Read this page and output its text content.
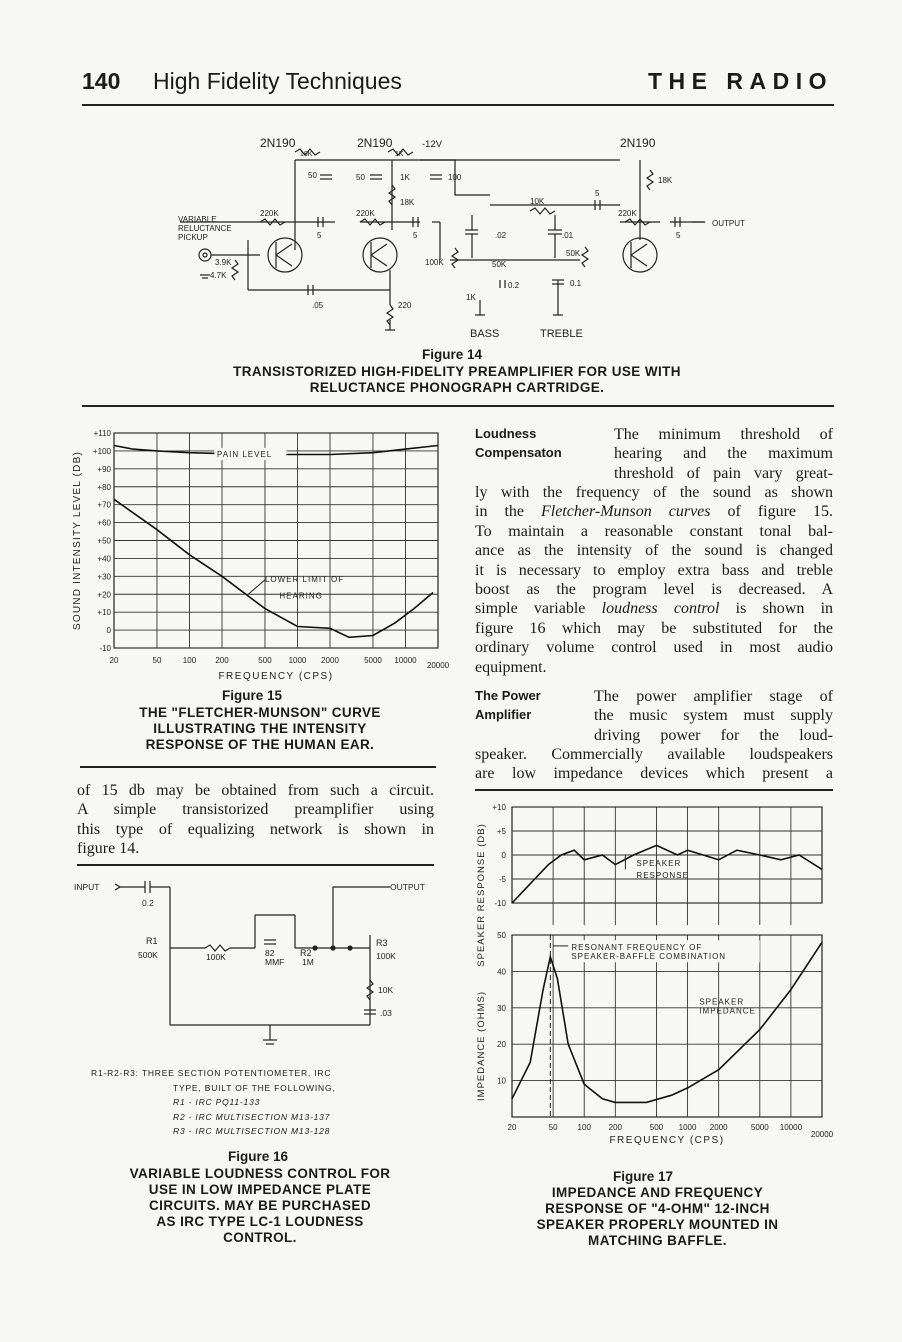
140 High Fidelity Techniques	THE RADIO
2N190	2N190	2N190
-12V
18K	1K
50	50	1K	100
18K
18K
VARIABLE
RELUCTANCE
PICKUP
220K	220K	220K
5	5
5
5
10K
.02	.01
50K
50K
0.2	0.1
100K
3.9K
4.7K
.05	220
1K
OUTPUT
BASS	TREBLE
Figure 14
TRANSISTORIZED HIGH-FIDELITY PREAMPLIFIER FOR USE WITH
RELUCTANCE PHONOGRAPH CARTRIDGE.
+110
+100
+90
+80
+70
+60
+50
+40
+30
+20
+10
0
-10
20	50	100 200	500 1000 2000	5000 10000
20000
FREQUENCY (CPS)
SOUND INTENSITY LEVEL (DB)	PAIN LEVEL
LOWER LIMIT OF
HEARING
Figure 15
THE "FLETCHER-MUNSON" CURVE
ILLUSTRATING THE INTENSITY
RESPONSE OF THE HUMAN EAR.
of 15 db may be obtained from such a circuit.
A simple transistorized preamplifier using
this type of equalizing network is shown in
figure 14.
INPUT	OUTPUT
0.2
R1
500K	100K	82
MMF
R2
1M
R3
100K
10K
.03
R1-R2-R3: THREE SECTION POTENTIOMETER, IRC
TYPE, BUILT OF THE FOLLOWING,
R1 - IRC PQ11-133
R2 - IRC MULTISECTION M13-137
R3 - IRC MULTISECTION M13-128
Figure 16
VARIABLE LOUDNESS CONTROL FOR
USE IN LOW IMPEDANCE PLATE
CIRCUITS. MAY BE PURCHASED
AS IRC TYPE LC-1 LOUDNESS
CONTROL.
Loudness
Compensaton
The minimum threshold of
hearing and the maximum
threshold of pain vary great-
ly with the frequency of the sound as shown
in the Fletcher-Munson curves of figure 15.
To maintain a reasonable constant tonal bal-
ance as the intensity of the sound is changed
it is necessary to employ extra bass and treble
boost as the program level is decreased. A
simple variable loudness control is shown in
figure 16 which may be substituted for the
ordinary volume control used in most audio
equipment.
The Power
Amplifier
The power amplifier stage of
the music system must supply
driving power for the loud-
speaker. Commercially available loudspeakers
are low impedance devices which present a
+10
+5
0
-5
-10
SPEAKER RESPONSE (DB)	SPEAKER
RESPONSE
50
40
30
20
10
20	50 100 200	500 1000 2000	5000 10000
20000
FREQUENCY (CPS)
IMPEDANCE (OHMS)
RESONANT FREQUENCY OF
SPEAKER-BAFFLE COMBINATION
SPEAKER
IMPEDANCE
Figure 17
IMPEDANCE AND FREQUENCY
RESPONSE OF "4-OHM" 12-INCH
SPEAKER PROPERLY MOUNTED IN
MATCHING BAFFLE.
